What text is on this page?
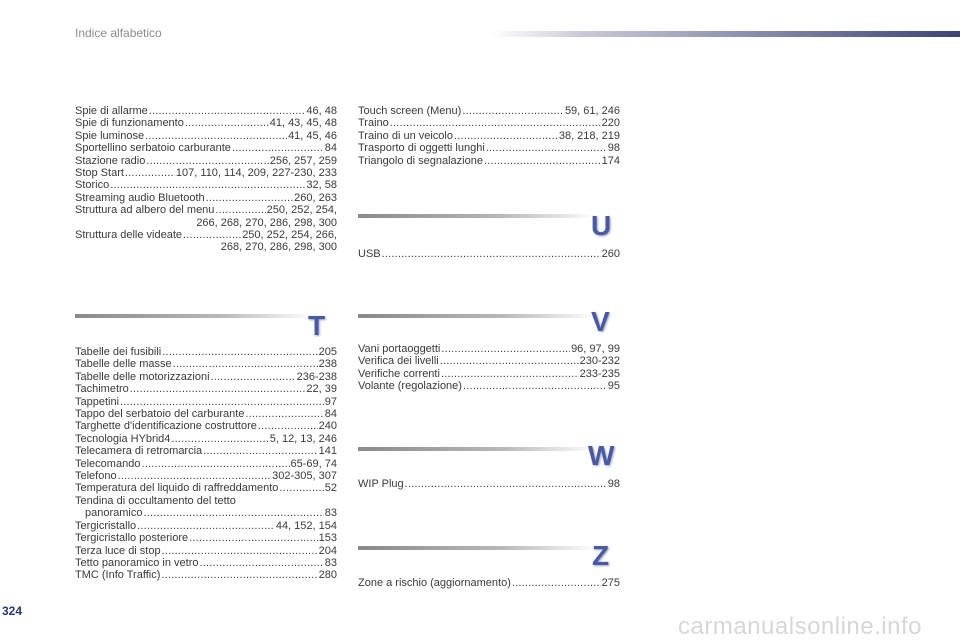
Indice alfabetico
Spie di allarme .....	46, 48
Spie di funzionamento .....	41, 43, 45, 48
Spie luminose .....	41, 45, 46
Sportellino serbatoio carburante .....	84
Stazione radio .....	256, 257, 259
Stop Start .....	107, 110, 114, 209, 227-230, 233
Storico .....	32, 58
Streaming audio Bluetooth .....	260, 263
Struttura ad albero del menu .....	250, 252, 254,
266, 268, 270, 286, 298, 300
Struttura delle videate .....	250, 252, 254, 266,
268, 270, 286, 298, 300
T
Tabelle dei fusibili .....	205
Tabelle delle masse .....	238
Tabelle delle motorizzazioni .....	236-238
Tachimetro .....	22, 39
Tappetini .....	97
Tappo del serbatoio del carburante .....	84
Targhette d'identificazione costruttore .....	240
Tecnologia HYbrid4 .....	5, 12, 13, 246
Telecamera di retromarcia .....	141
Telecomando .....	65-69, 74
Telefono .....	302-305, 307
Temperatura del liquido di raffreddamento .....	52
Tendina di occultamento del tetto
panoramico .....	83
Tergicristallo .....	44, 152, 154
Tergicristallo posteriore .....	153
Terza luce di stop .....	204
Tetto panoramico in vetro .....	83
TMC (Info Traffic) .....	280
Touch screen (Menu) .....	59, 61, 246
Traino .....	220
Traino di un veicolo .....	38, 218, 219
Trasporto di oggetti lunghi .....	98
Triangolo di segnalazione .....	174
U
USB .....	260
V
Vani portaoggetti .....	96, 97, 99
Verifica dei livelli .....	230-232
Verifiche correnti .....	233-235
Volante (regolazione) .....	95
W
WIP Plug .....	98
Z
Zone a rischio (aggiornamento) .....	275
324
carmanualsonline.info
